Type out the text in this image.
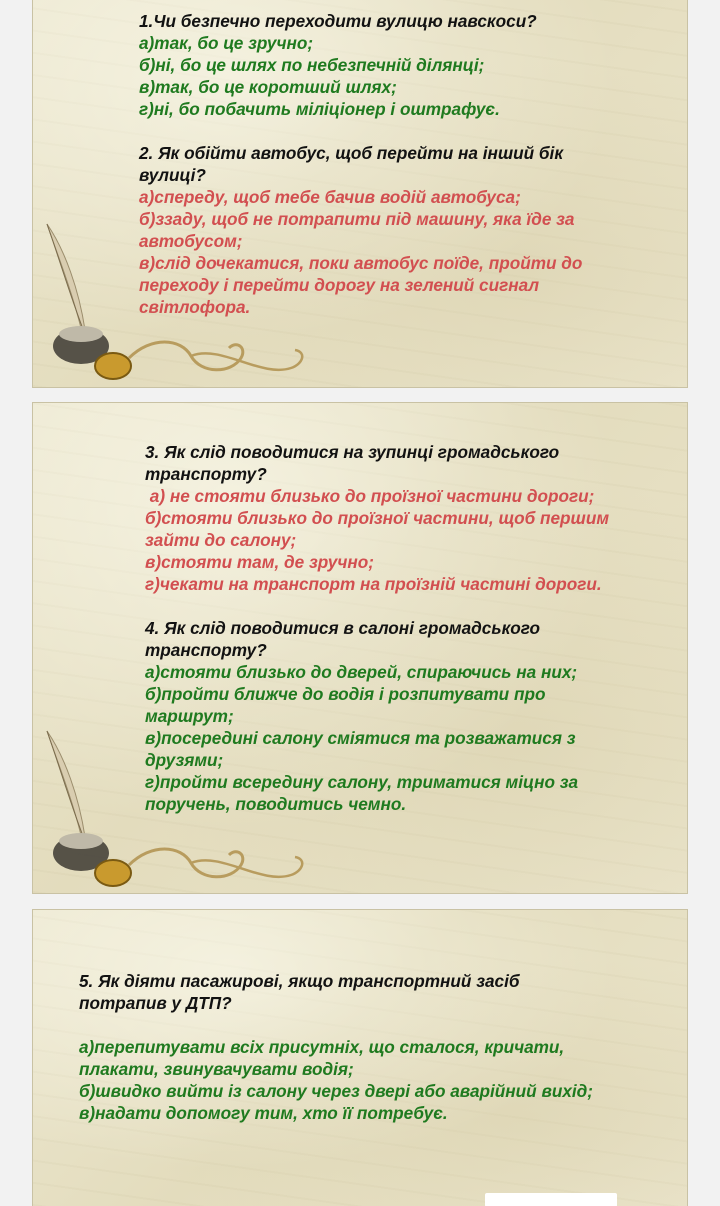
1.Чи безпечно переходити вулицю навскоси?

а)так, бо це зручно;

б)ні, бо це шлях по небезпечній ділянці;

в)так, бо це коротший шлях;

г)ні, бо побачить міліціонер і оштрафує.

2. Як обійти автобус, щоб перейти на інший бік

вулиці?

а)спереду, щоб тебе бачив водій автобуса;

б)ззаду, щоб не потрапити під машину, яка їде за

автобусом;

в)слід дочекатися, поки автобус поїде, пройти до

переходу і перейти дорогу на зелений сигнал

світлофора.

3. Як слід поводитися на зупинці громадського

транспорту?

а) не стояти близько до проїзної частини дороги;

б)стояти близько до проїзної частини, щоб першим

зайти до салону;

в)стояти там, де зручно;

г)чекати на транспорт на проїзній частині дороги.

4. Як слід поводитися в салоні громадського

транспорту?

а)стояти близько до дверей, спираючись на них;

б)пройти ближче до водія і розпитувати про

маршрут;

в)посередині салону сміятися та розважатися з

друзями;

г)пройти всередину салону, триматися міцно за

поручень, поводитись чемно.

5. Як діяти пасажирові, якщо транспортний засіб

потрапив у ДТП?

а)перепитувати всіх присутніх, що сталося, кричати,

плакати, звинувачувати водія;

б)швидко вийти із салону через двері або аварійний вихід;

в)надати допомогу тим, хто її потребує.
